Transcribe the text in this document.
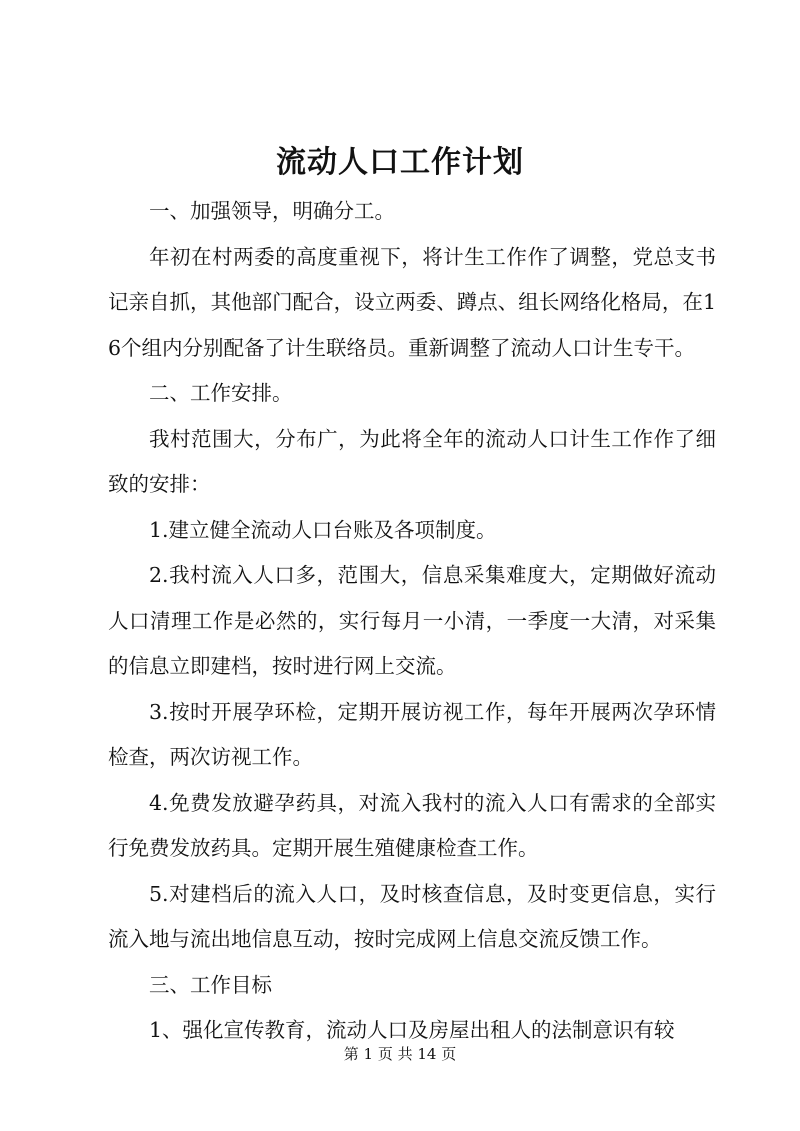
流动人口工作计划

一、加强领导，明确分工。

年初在村两委的高度重视下，将计生工作作了调整，党总支书记亲自抓，其他部门配合，设立两委、蹲点、组长网络化格局，在16个组内分别配备了计生联络员。重新调整了流动人口计生专干。

二、工作安排。

我村范围大，分布广，为此将全年的流动人口计生工作作了细致的安排：

1.建立健全流动人口台账及各项制度。

2.我村流入人口多，范围大，信息采集难度大，定期做好流动人口清理工作是必然的，实行每月一小清，一季度一大清，对采集的信息立即建档，按时进行网上交流。

3.按时开展孕环检，定期开展访视工作，每年开展两次孕环情检查，两次访视工作。

4.免费发放避孕药具，对流入我村的流入人口有需求的全部实行免费发放药具。定期开展生殖健康检查工作。

5.对建档后的流入人口，及时核查信息，及时变更信息，实行流入地与流出地信息互动，按时完成网上信息交流反馈工作。

三、工作目标

1、强化宣传教育，流动人口及房屋出租人的法制意识有较

第 1 页 共 14 页
